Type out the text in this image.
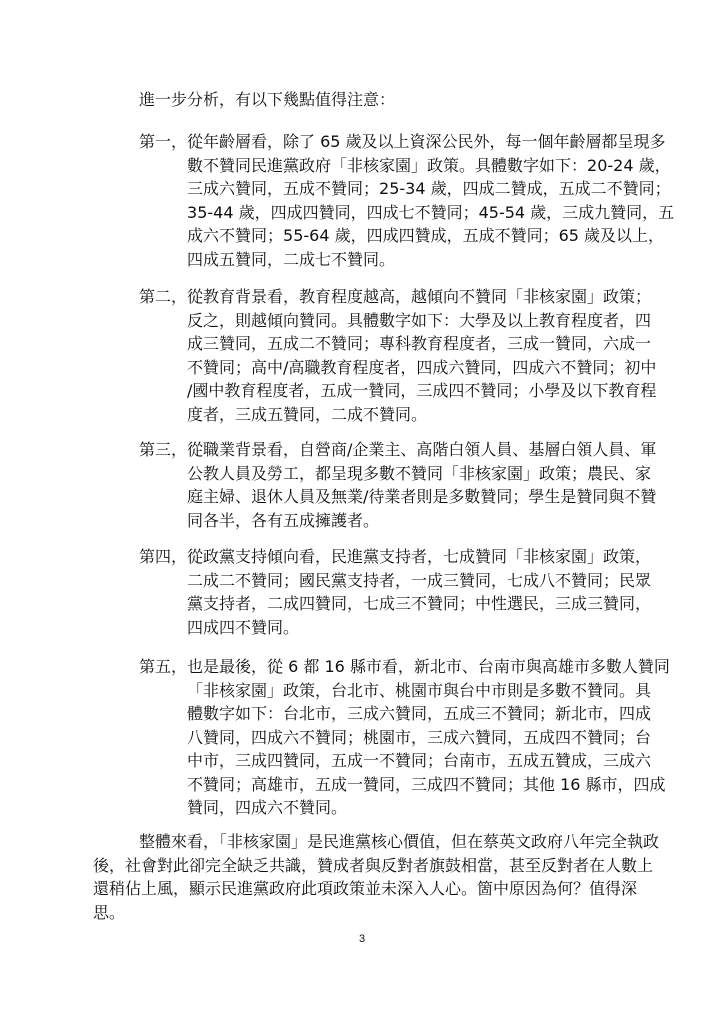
進一步分析，有以下幾點值得注意：
第一， 從年齡層看，除了 65 歲及以上資深公民外，每一個年齡層都呈現多
數不贊同民進黨政府「非核家園」政策。具體數字如下：20-24 歲，
三成六贊同，五成不贊同；25-34 歲，四成二贊成，五成二不贊同；
35-44 歲，四成四贊同，四成七不贊同；45-54 歲，三成九贊同，五
成六不贊同；55-64 歲，四成四贊成，五成不贊同；65 歲及以上，
四成五贊同，二成七不贊同。
第二， 從教育背景看，教育程度越高，越傾向不贊同「非核家園」政策；
反之，則越傾向贊同。具體數字如下：大學及以上教育程度者，四
成三贊同，五成二不贊同；專科教育程度者，三成一贊同，六成一
不贊同；高中/高職教育程度者，四成六贊同，四成六不贊同；初中
/國中教育程度者，五成一贊同，三成四不贊同；小學及以下教育程
度者，三成五贊同，二成不贊同。
第三， 從職業背景看，自營商/企業主、高階白領人員、基層白領人員、軍
公教人員及勞工，都呈現多數不贊同「非核家園」政策；農民、家
庭主婦、退休人員及無業/待業者則是多數贊同；學生是贊同與不贊
同各半，各有五成擁護者。
第四， 從政黨支持傾向看，民進黨支持者，七成贊同「非核家園」政策，
二成二不贊同；國民黨支持者，一成三贊同，七成八不贊同；民眾
黨支持者，二成四贊同，七成三不贊同；中性選民，三成三贊同，
四成四不贊同。
第五， 也是最後，從 6 都 16 縣市看，新北市、台南市與高雄市多數人贊同
「非核家園」政策，台北市、桃園市與台中市則是多數不贊同。具
體數字如下：台北市，三成六贊同，五成三不贊同；新北市，四成
八贊同，四成六不贊同；桃園市，三成六贊同，五成四不贊同；台
中市，三成四贊同，五成一不贊同；台南市，五成五贊成，三成六
不贊同；高雄市，五成一贊同，三成四不贊同；其他 16 縣市，四成
贊同，四成六不贊同。
整體來看，「非核家園」是民進黨核心價值，但在蔡英文政府八年完全執政
後，社會對此卻完全缺乏共識，贊成者與反對者旗鼓相當，甚至反對者在人數上
還稍佔上風，顯示民進黨政府此項政策並未深入人心。箇中原因為何？值得深
思。
3
